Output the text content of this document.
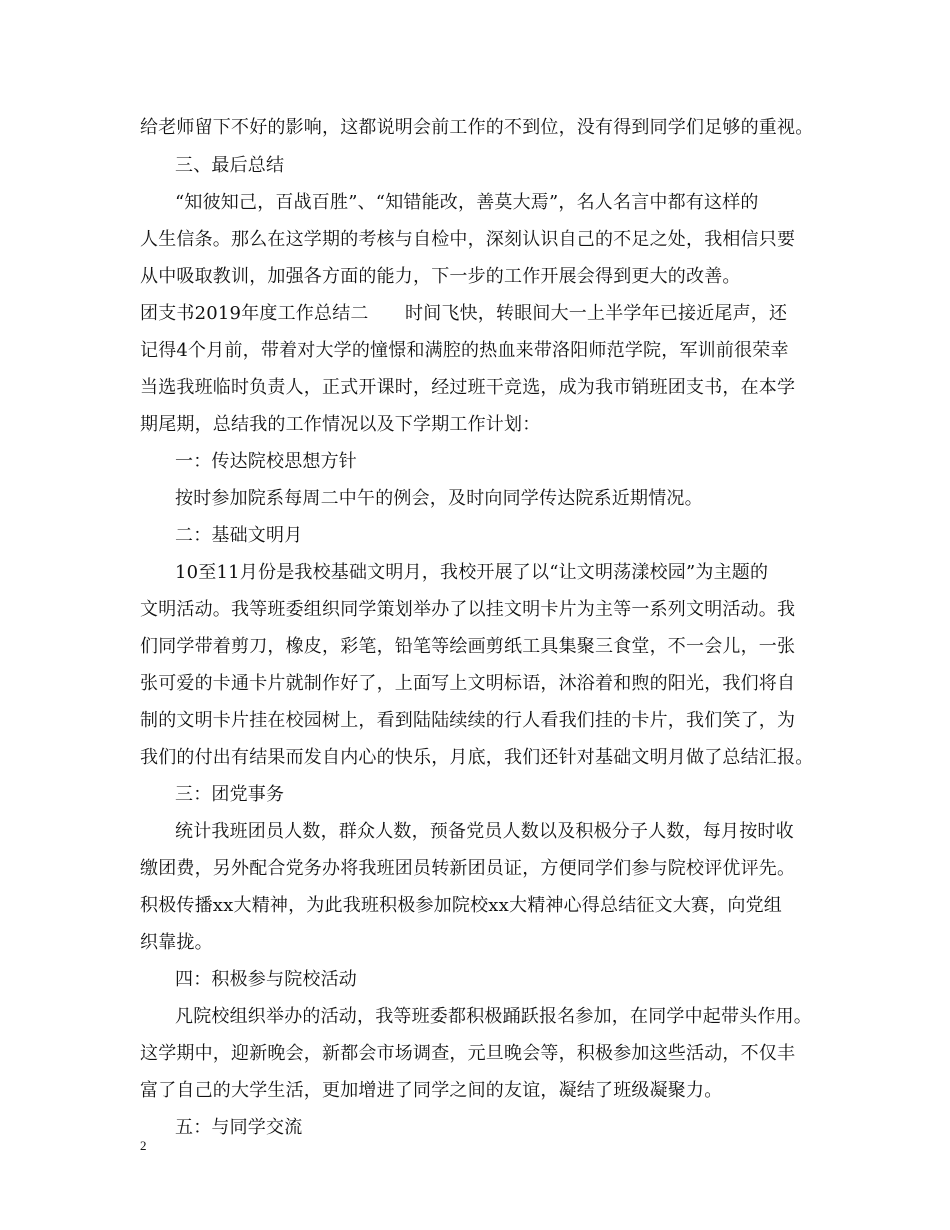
给老师留下不好的影响，这都说明会前工作的不到位，没有得到同学们足够的重视。
三、最后总结
“知彼知己，百战百胜”、“知错能改，善莫大焉”，名人名言中都有这样的
人生信条。那么在这学期的考核与自检中，深刻认识自己的不足之处，我相信只要
从中吸取教训，加强各方面的能力，下一步的工作开展会得到更大的改善。
团支书2019年度工作总结二　　时间飞快，转眼间大一上半学年已接近尾声，还
记得4个月前，带着对大学的憧憬和满腔的热血来带洛阳师范学院，军训前很荣幸
当选我班临时负责人，正式开课时，经过班干竞选，成为我市销班团支书，在本学
期尾期，总结我的工作情况以及下学期工作计划：
一：传达院校思想方针
按时参加院系每周二中午的例会，及时向同学传达院系近期情况。
二：基础文明月
10至11月份是我校基础文明月，我校开展了以“让文明荡漾校园”为主题的
文明活动。我等班委组织同学策划举办了以挂文明卡片为主等一系列文明活动。我
们同学带着剪刀，橡皮，彩笔，铅笔等绘画剪纸工具集聚三食堂，不一会儿，一张
张可爱的卡通卡片就制作好了，上面写上文明标语，沐浴着和煦的阳光，我们将自
制的文明卡片挂在校园树上，看到陆陆续续的行人看我们挂的卡片，我们笑了，为
我们的付出有结果而发自内心的快乐，月底，我们还针对基础文明月做了总结汇报。
三：团党事务
统计我班团员人数，群众人数，预备党员人数以及积极分子人数，每月按时收
缴团费，另外配合党务办将我班团员转新团员证，方便同学们参与院校评优评先。
积极传播xx大精神，为此我班积极参加院校xx大精神心得总结征文大赛，向党组
织靠拢。
四：积极参与院校活动
凡院校组织举办的活动，我等班委都积极踊跃报名参加，在同学中起带头作用。
这学期中，迎新晚会，新都会市场调查，元旦晚会等，积极参加这些活动，不仅丰
富了自己的大学生活，更加增进了同学之间的友谊，凝结了班级凝聚力。
五：与同学交流
2
